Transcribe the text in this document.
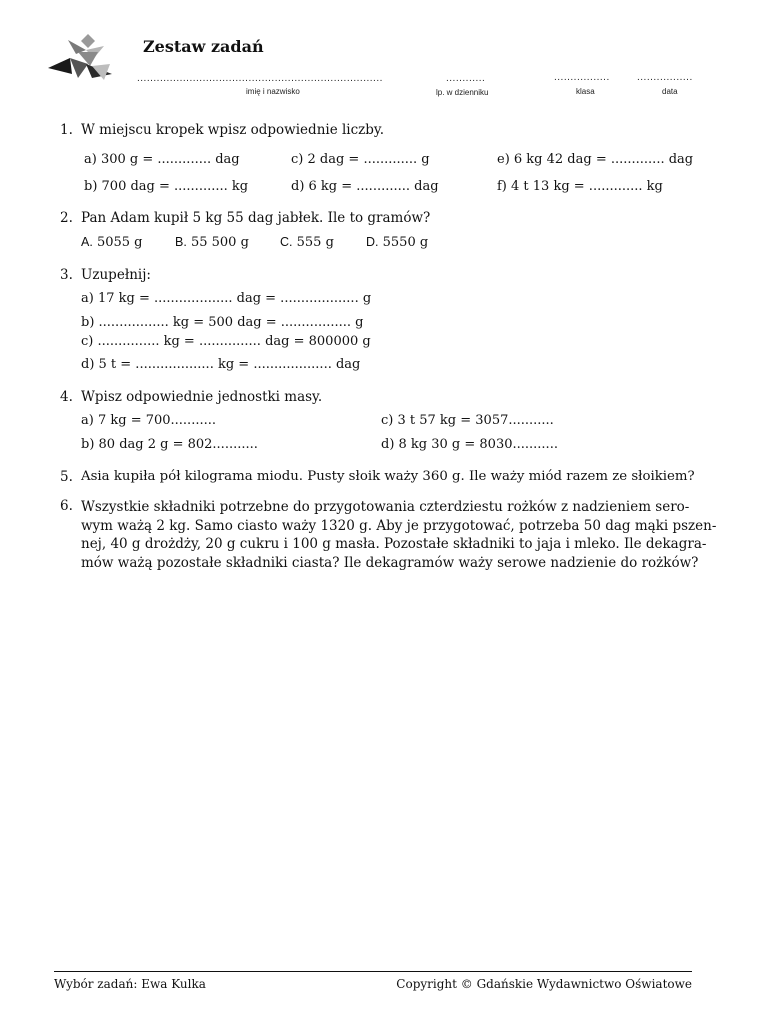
Zestaw zadań
...........................................................................
imię i nazwisko
............
lp. w dzienniku
.................
klasa
.................
data
1. W miejscu kropek wpisz odpowiednie liczby.
a) 300 g = ............. dag	c) 2 dag = ............. g	e) 6 kg 42 dag = ............. dag
b) 700 dag = ............. kg	d) 6 kg = ............. dag	f) 4 t 13 kg = ............. kg
2. Pan Adam kupił 5 kg 55 dag jabłek. Ile to gramów?
A. 5055 g	B. 55 500 g C. 555 g	D. 5550 g
3. Uzupełnij:
a) 17 kg = ................... dag = ................... g
b) ................. kg = 500 dag = ................. g
c) ............... kg = ............... dag = 800000 g
d) 5 t = ................... kg = ................... dag
4. Wpisz odpowiednie jednostki masy.
a) 7 kg = 700...........	c) 3 t 57 kg = 3057...........
b) 80 dag 2 g = 802...........	d) 8 kg 30 g = 8030...........
5. Asia kupiła pół kilograma miodu. Pusty słoik waży 360 g. Ile waży miód razem ze słoikiem?
6. Wszystkie składniki potrzebne do przygotowania czterdziestu rożków z nadzieniem sero-
wym ważą 2 kg. Samo ciasto waży 1320 g. Aby je przygotować, potrzeba 50 dag mąki pszen-
nej, 40 g drożdży, 20 g cukru i 100 g masła. Pozostałe składniki to jaja i mleko. Ile dekagra-
mów ważą pozostałe składniki ciasta? Ile dekagramów waży serowe nadzienie do rożków?
Wybór zadań: Ewa Kulka	Copyright © Gdańskie Wydawnictwo Oświatowe
